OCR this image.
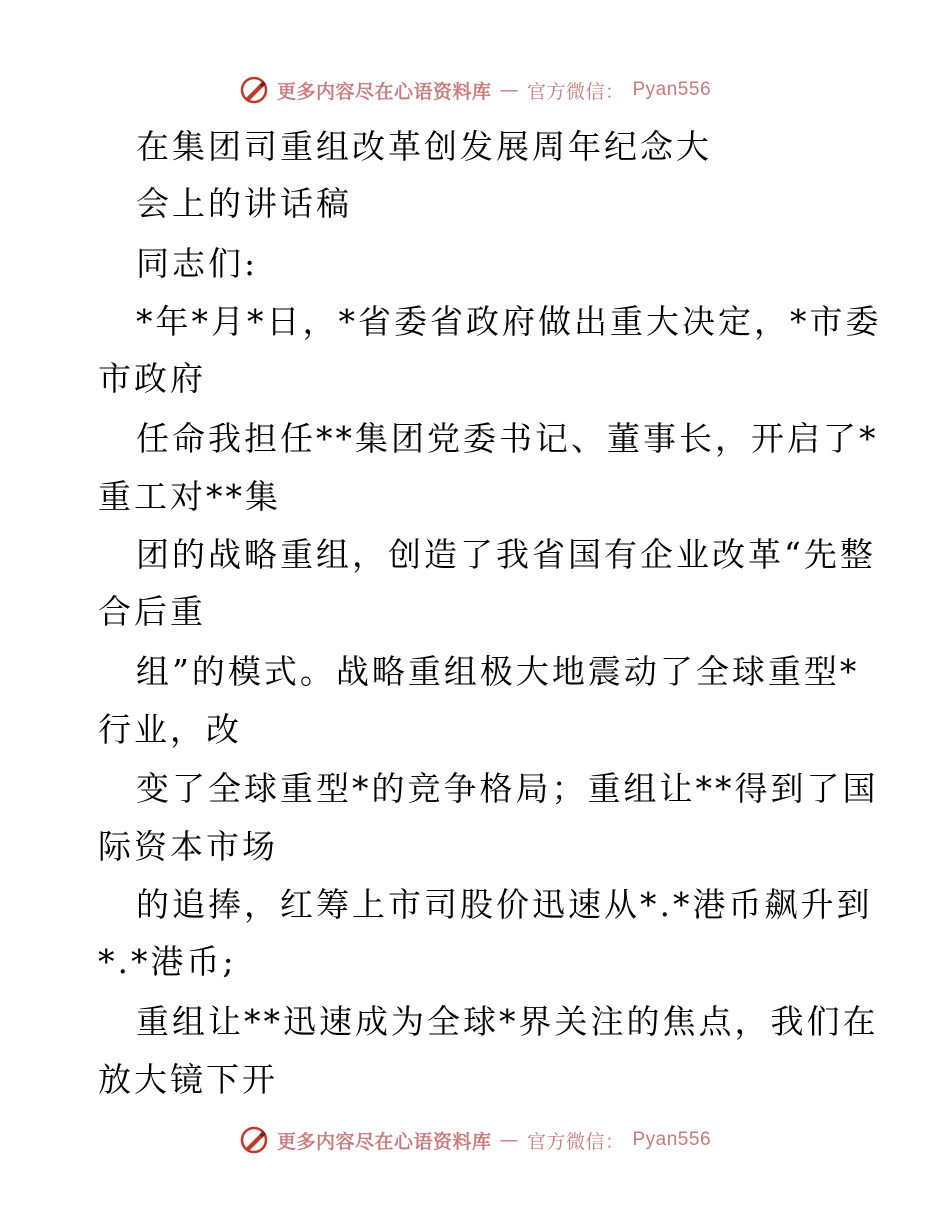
更多内容尽在心语资料库 — 官方微信： Pyan556
在集团司重组改革创发展周年纪念大
会上的讲话稿
同志们:
*年*月*日，*省委省政府做出重大决定，*市委
市政府
任命我担任**集团党委书记、董事长，开启了*
重工对**集
团的战略重组，创造了我省国有企业改革“先整
合后重
组”的模式。战略重组极大地震动了全球重型*
行业，改
变了全球重型*的竞争格局；重组让**得到了国
际资本市场
的追捧，红筹上市司股价迅速从*.*港币飙升到
*.*港币;
重组让**迅速成为全球*界关注的焦点，我们在
放大镜下开
更多内容尽在心语资料库 — 官方微信： Pyan556
